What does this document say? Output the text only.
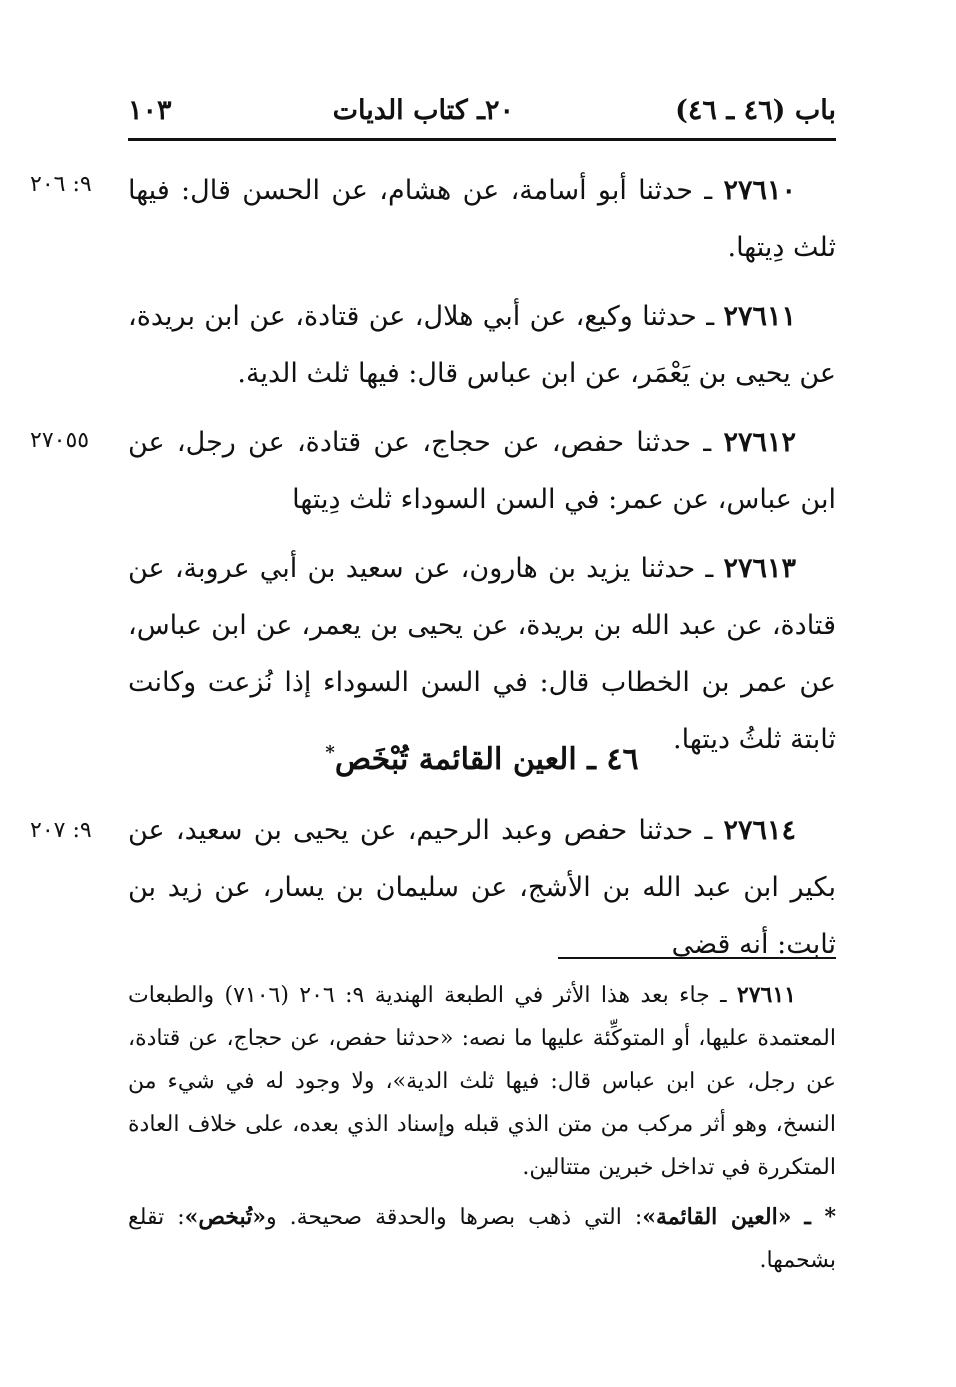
باب (٤٦ ـ ٤٦)
٢٠ـ كتاب الديات
١٠٣
٩: ٢٠٦	٢٧٦١٠ ـ حدثنا أبو أسامة، عن هشام، عن الحسن قال: فيها ثلث دِيتها.
٢٧٦١١ ـ حدثنا وكيع، عن أبي هلال، عن قتادة، عن ابن بريدة، عن يحيى بن يَعْمَر، عن ابن عباس قال: فيها ثلث الدية.
٢٧٠٥٥	٢٧٦١٢ ـ حدثنا حفص، عن حجاج، عن قتادة، عن رجل، عن ابن عباس، عن عمر: في السن السوداء ثلث دِيتها
٢٧٦١٣ ـ حدثنا يزيد بن هارون، عن سعيد بن أبي عروبة، عن قتادة، عن عبد الله بن بريدة، عن يحيى بن يعمر، عن ابن عباس، عن عمر بن الخطاب قال: في السن السوداء إذا نُزعت وكانت ثابتة ثلثُ ديتها.
٤٦ ـ العين القائمة تُبْخَص*
٩: ٢٠٧	٢٧٦١٤ ـ حدثنا حفص وعبد الرحيم، عن يحيى بن سعيد، عن بكير ابن عبد الله بن الأشج، عن سليمان بن يسار، عن زيد بن ثابت: أنه قضى
٢٧٦١١ ـ جاء بعد هذا الأثر في الطبعة الهندية ٩: ٢٠٦ (٧١٠٦) والطبعات المعتمدة عليها، أو المتوكِّئة عليها ما نصه: «حدثنا حفص، عن حجاج، عن قتادة، عن رجل، عن ابن عباس قال: فيها ثلث الدية»، ولا وجود له في شيء من النسخ، وهو أثر مركب من متن الذي قبله وإسناد الذي بعده، على خلاف العادة المتكررة في تداخل خبرين متتالين.
* ـ «العين القائمة»: التي ذهب بصرها والحدقة صحيحة. و«تُبخص»: تقلع بشحمها.
